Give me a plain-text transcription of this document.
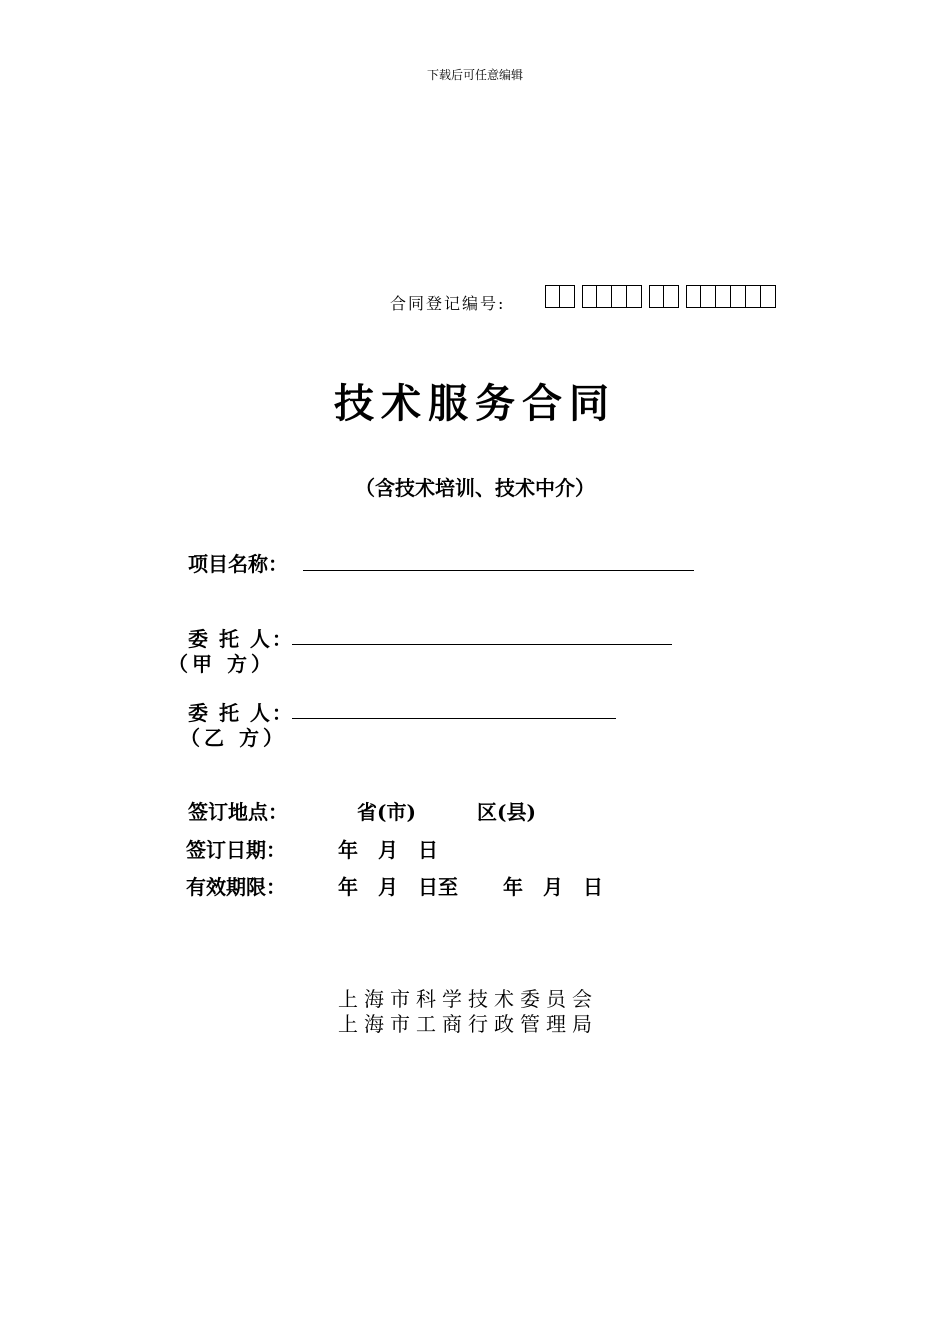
下载后可任意编辑
合同登记编号:
技术服务合同
（含技术培训、技术中介）
项目名称：
委 托 人：
（甲 方）
委 托 人：
（乙 方）
签订地点：	省(市)	区(县)
签订日期：	年　月　日
有效期限：	年　月　日至 年　月　日
上海市科学技术委员会
上海市工商行政管理局
